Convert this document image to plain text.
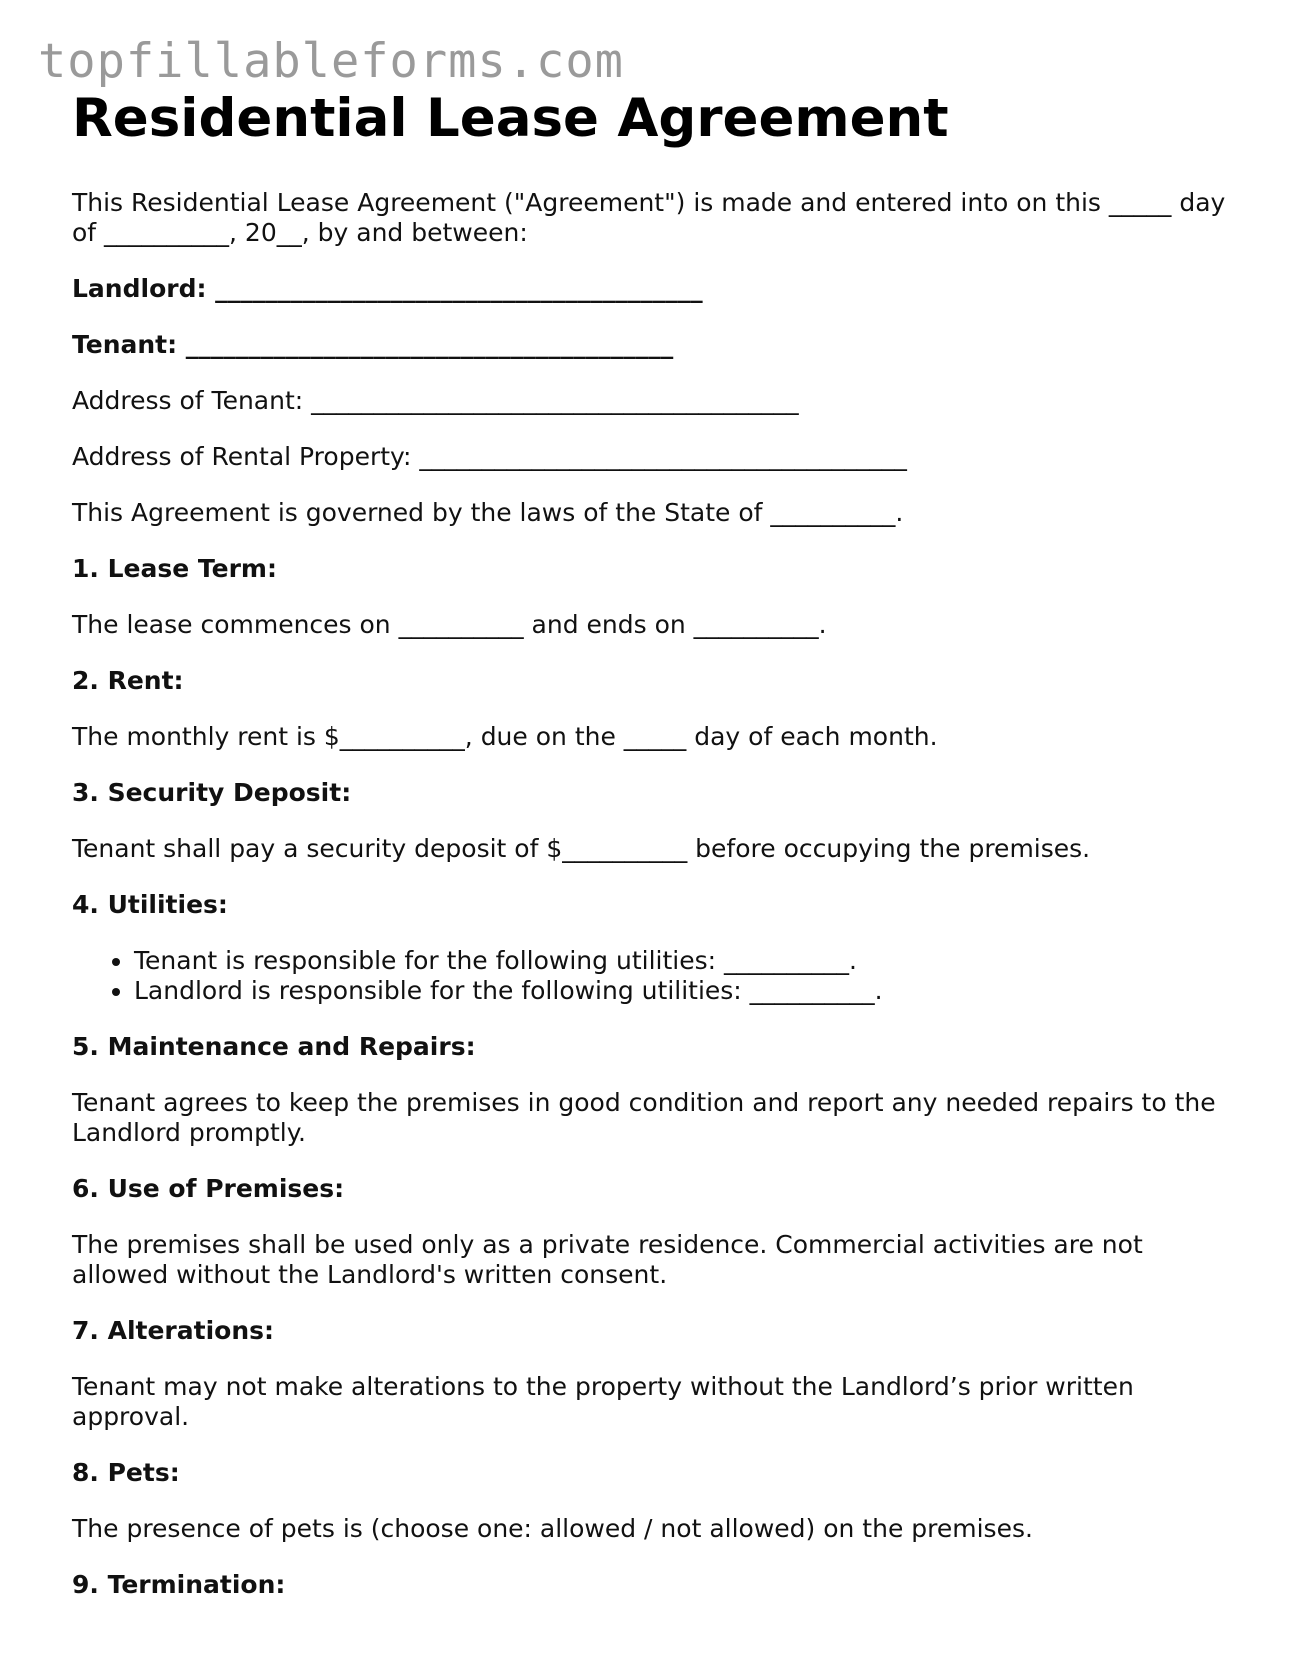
topfillableforms.com
Residential Lease Agreement

This Residential Lease Agreement ("Agreement") is made and entered into on this _____ day of __________, 20__, by and between:

Landlord: _______________________________________

Tenant: _______________________________________

Address of Tenant: _______________________________________

Address of Rental Property: _______________________________________

This Agreement is governed by the laws of the State of __________.

1. Lease Term:

The lease commences on __________ and ends on __________.

2. Rent:

The monthly rent is $__________, due on the _____ day of each month.

3. Security Deposit:

Tenant shall pay a security deposit of $__________ before occupying the premises.

4. Utilities:
• Tenant is responsible for the following utilities: __________.
• Landlord is responsible for the following utilities: __________.
5. Maintenance and Repairs:

Tenant agrees to keep the premises in good condition and report any needed repairs to the Landlord promptly.

6. Use of Premises:

The premises shall be used only as a private residence. Commercial activities are not allowed without the Landlord's written consent.

7. Alterations:

Tenant may not make alterations to the property without the Landlord’s prior written approval.

8. Pets:

The presence of pets is (choose one: allowed / not allowed) on the premises.

9. Termination:
